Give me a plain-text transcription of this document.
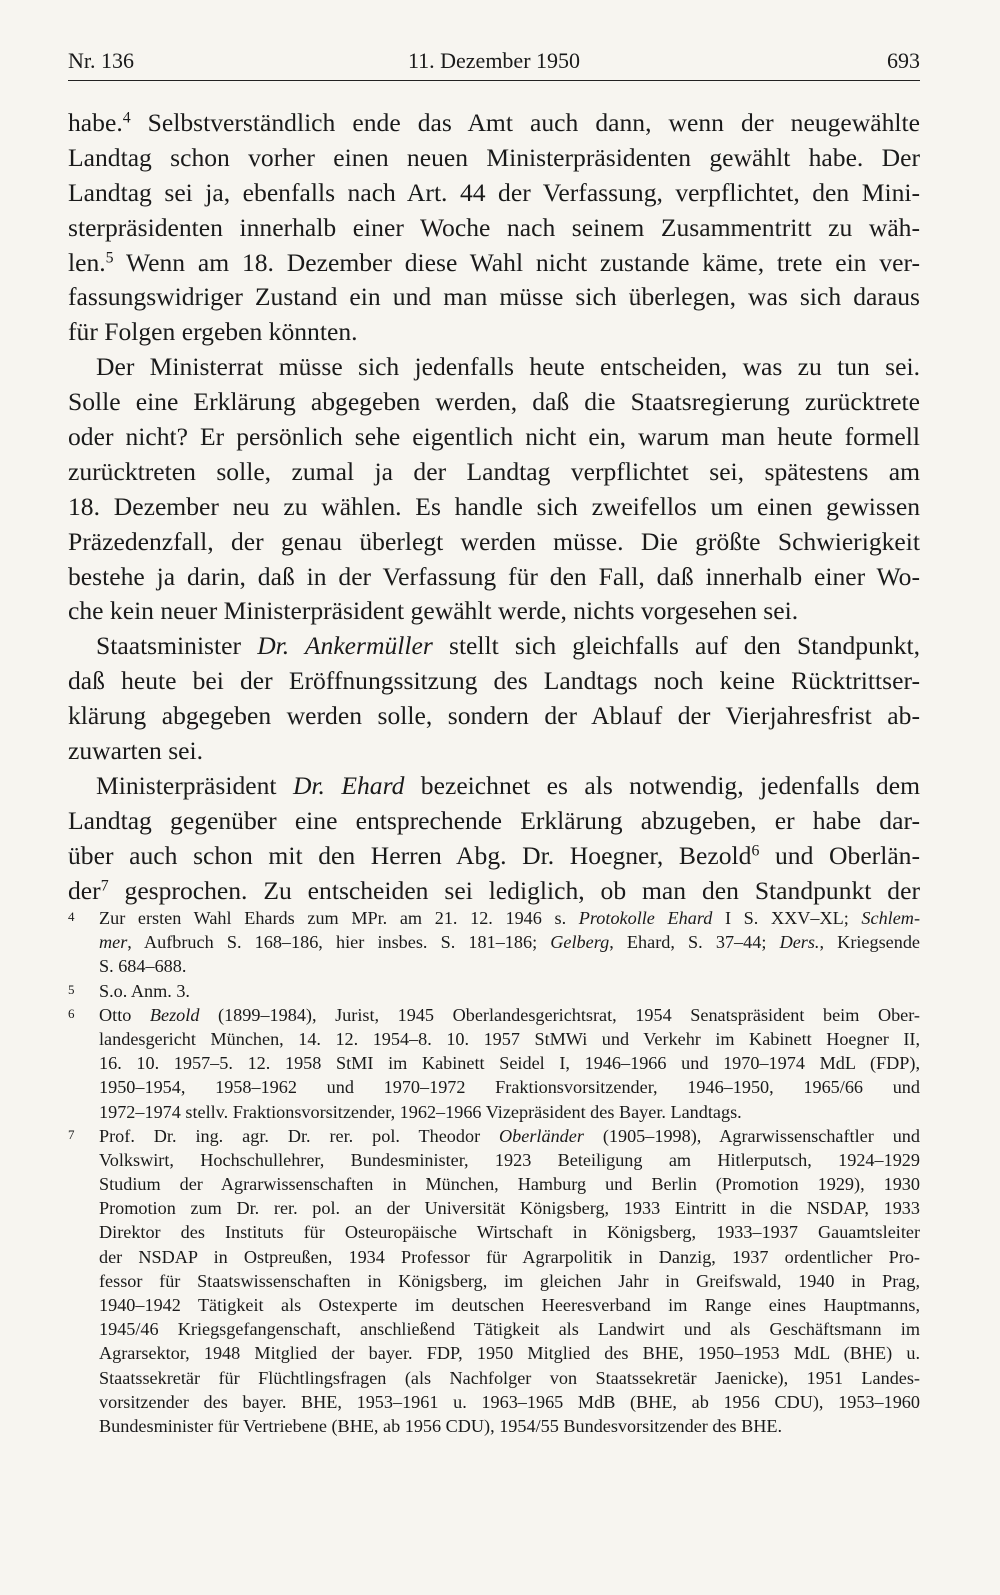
Nr. 136	11. Dezember 1950	693
habe.$^4$ Selbstverständlich ende das Amt auch dann, wenn der neugewählte
Landtag schon vorher einen neuen Ministerpräsidenten gewählt habe. Der
Landtag sei ja, ebenfalls nach Art. 44 der Verfassung, verpflichtet, den Mini-
sterpräsidenten innerhalb einer Woche nach seinem Zusammentritt zu wäh-
len.$^5$ Wenn am 18. Dezember diese Wahl nicht zustande käme, trete ein ver-
fassungswidriger Zustand ein und man müsse sich überlegen, was sich daraus
für Folgen ergeben könnten.
Der Ministerrat müsse sich jedenfalls heute entscheiden, was zu tun sei.
Solle eine Erklärung abgegeben werden, daß die Staatsregierung zurücktrete
oder nicht? Er persönlich sehe eigentlich nicht ein, warum man heute formell
zurücktreten solle, zumal ja der Landtag verpflichtet sei, spätestens am
18. Dezember neu zu wählen. Es handle sich zweifellos um einen gewissen
Präzedenzfall, der genau überlegt werden müsse. Die größte Schwierigkeit
bestehe ja darin, daß in der Verfassung für den Fall, daß innerhalb einer Wo-
che kein neuer Ministerpräsident gewählt werde, nichts vorgesehen sei.
Staatsminister Dr. Ankermüller stellt sich gleichfalls auf den Standpunkt,
daß heute bei der Eröffnungssitzung des Landtags noch keine Rücktrittser-
klärung abgegeben werden solle, sondern der Ablauf der Vierjahresfrist ab-
zuwarten sei.
Ministerpräsident Dr. Ehard bezeichnet es als notwendig, jedenfalls dem
Landtag gegenüber eine entsprechende Erklärung abzugeben, er habe dar-
über auch schon mit den Herren Abg. Dr. Hoegner, Bezold$^6$ und Oberlän-
der$^7$ gesprochen. Zu entscheiden sei lediglich, ob man den Standpunkt der
4 Zur ersten Wahl Ehards zum MPr. am 21. 12. 1946 s. Protokolle Ehard I S. XXV–XL; Schlem-
mer, Aufbruch S. 168–186, hier insbes. S. 181–186; Gelberg, Ehard, S. 37–44; Ders., Kriegsende
S. 684–688.
5 S.o. Anm. 3.
6 Otto Bezold (1899–1984), Jurist, 1945 Oberlandesgerichtsrat, 1954 Senatspräsident beim Ober-
landesgericht München, 14. 12. 1954–8. 10. 1957 StMWi und Verkehr im Kabinett Hoegner II,
16. 10. 1957–5. 12. 1958 StMI im Kabinett Seidel I, 1946–1966 und 1970–1974 MdL (FDP),
1950–1954, 1958–1962 und 1970–1972 Fraktionsvorsitzender, 1946–1950, 1965/66 und
1972–1974 stellv. Fraktionsvorsitzender, 1962–1966 Vizepräsident des Bayer. Landtags.
7 Prof. Dr. ing. agr. Dr. rer. pol. Theodor Oberländer (1905–1998), Agrarwissenschaftler und
Volkswirt, Hochschullehrer, Bundesminister, 1923 Beteiligung am Hitlerputsch, 1924–1929
Studium der Agrarwissenschaften in München, Hamburg und Berlin (Promotion 1929), 1930
Promotion zum Dr. rer. pol. an der Universität Königsberg, 1933 Eintritt in die NSDAP, 1933
Direktor des Instituts für Osteuropäische Wirtschaft in Königsberg, 1933–1937 Gauamtsleiter
der NSDAP in Ostpreußen, 1934 Professor für Agrarpolitik in Danzig, 1937 ordentlicher Pro-
fessor für Staatswissenschaften in Königsberg, im gleichen Jahr in Greifswald, 1940 in Prag,
1940–1942 Tätigkeit als Ostexperte im deutschen Heeresverband im Range eines Hauptmanns,
1945/46 Kriegsgefangenschaft, anschließend Tätigkeit als Landwirt und als Geschäftsmann im
Agrarsektor, 1948 Mitglied der bayer. FDP, 1950 Mitglied des BHE, 1950–1953 MdL (BHE) u.
Staatssekretär für Flüchtlingsfragen (als Nachfolger von Staatssekretär Jaenicke), 1951 Landes-
vorsitzender des bayer. BHE, 1953–1961 u. 1963–1965 MdB (BHE, ab 1956 CDU), 1953–1960
Bundesminister für Vertriebene (BHE, ab 1956 CDU), 1954/55 Bundesvorsitzender des BHE.
